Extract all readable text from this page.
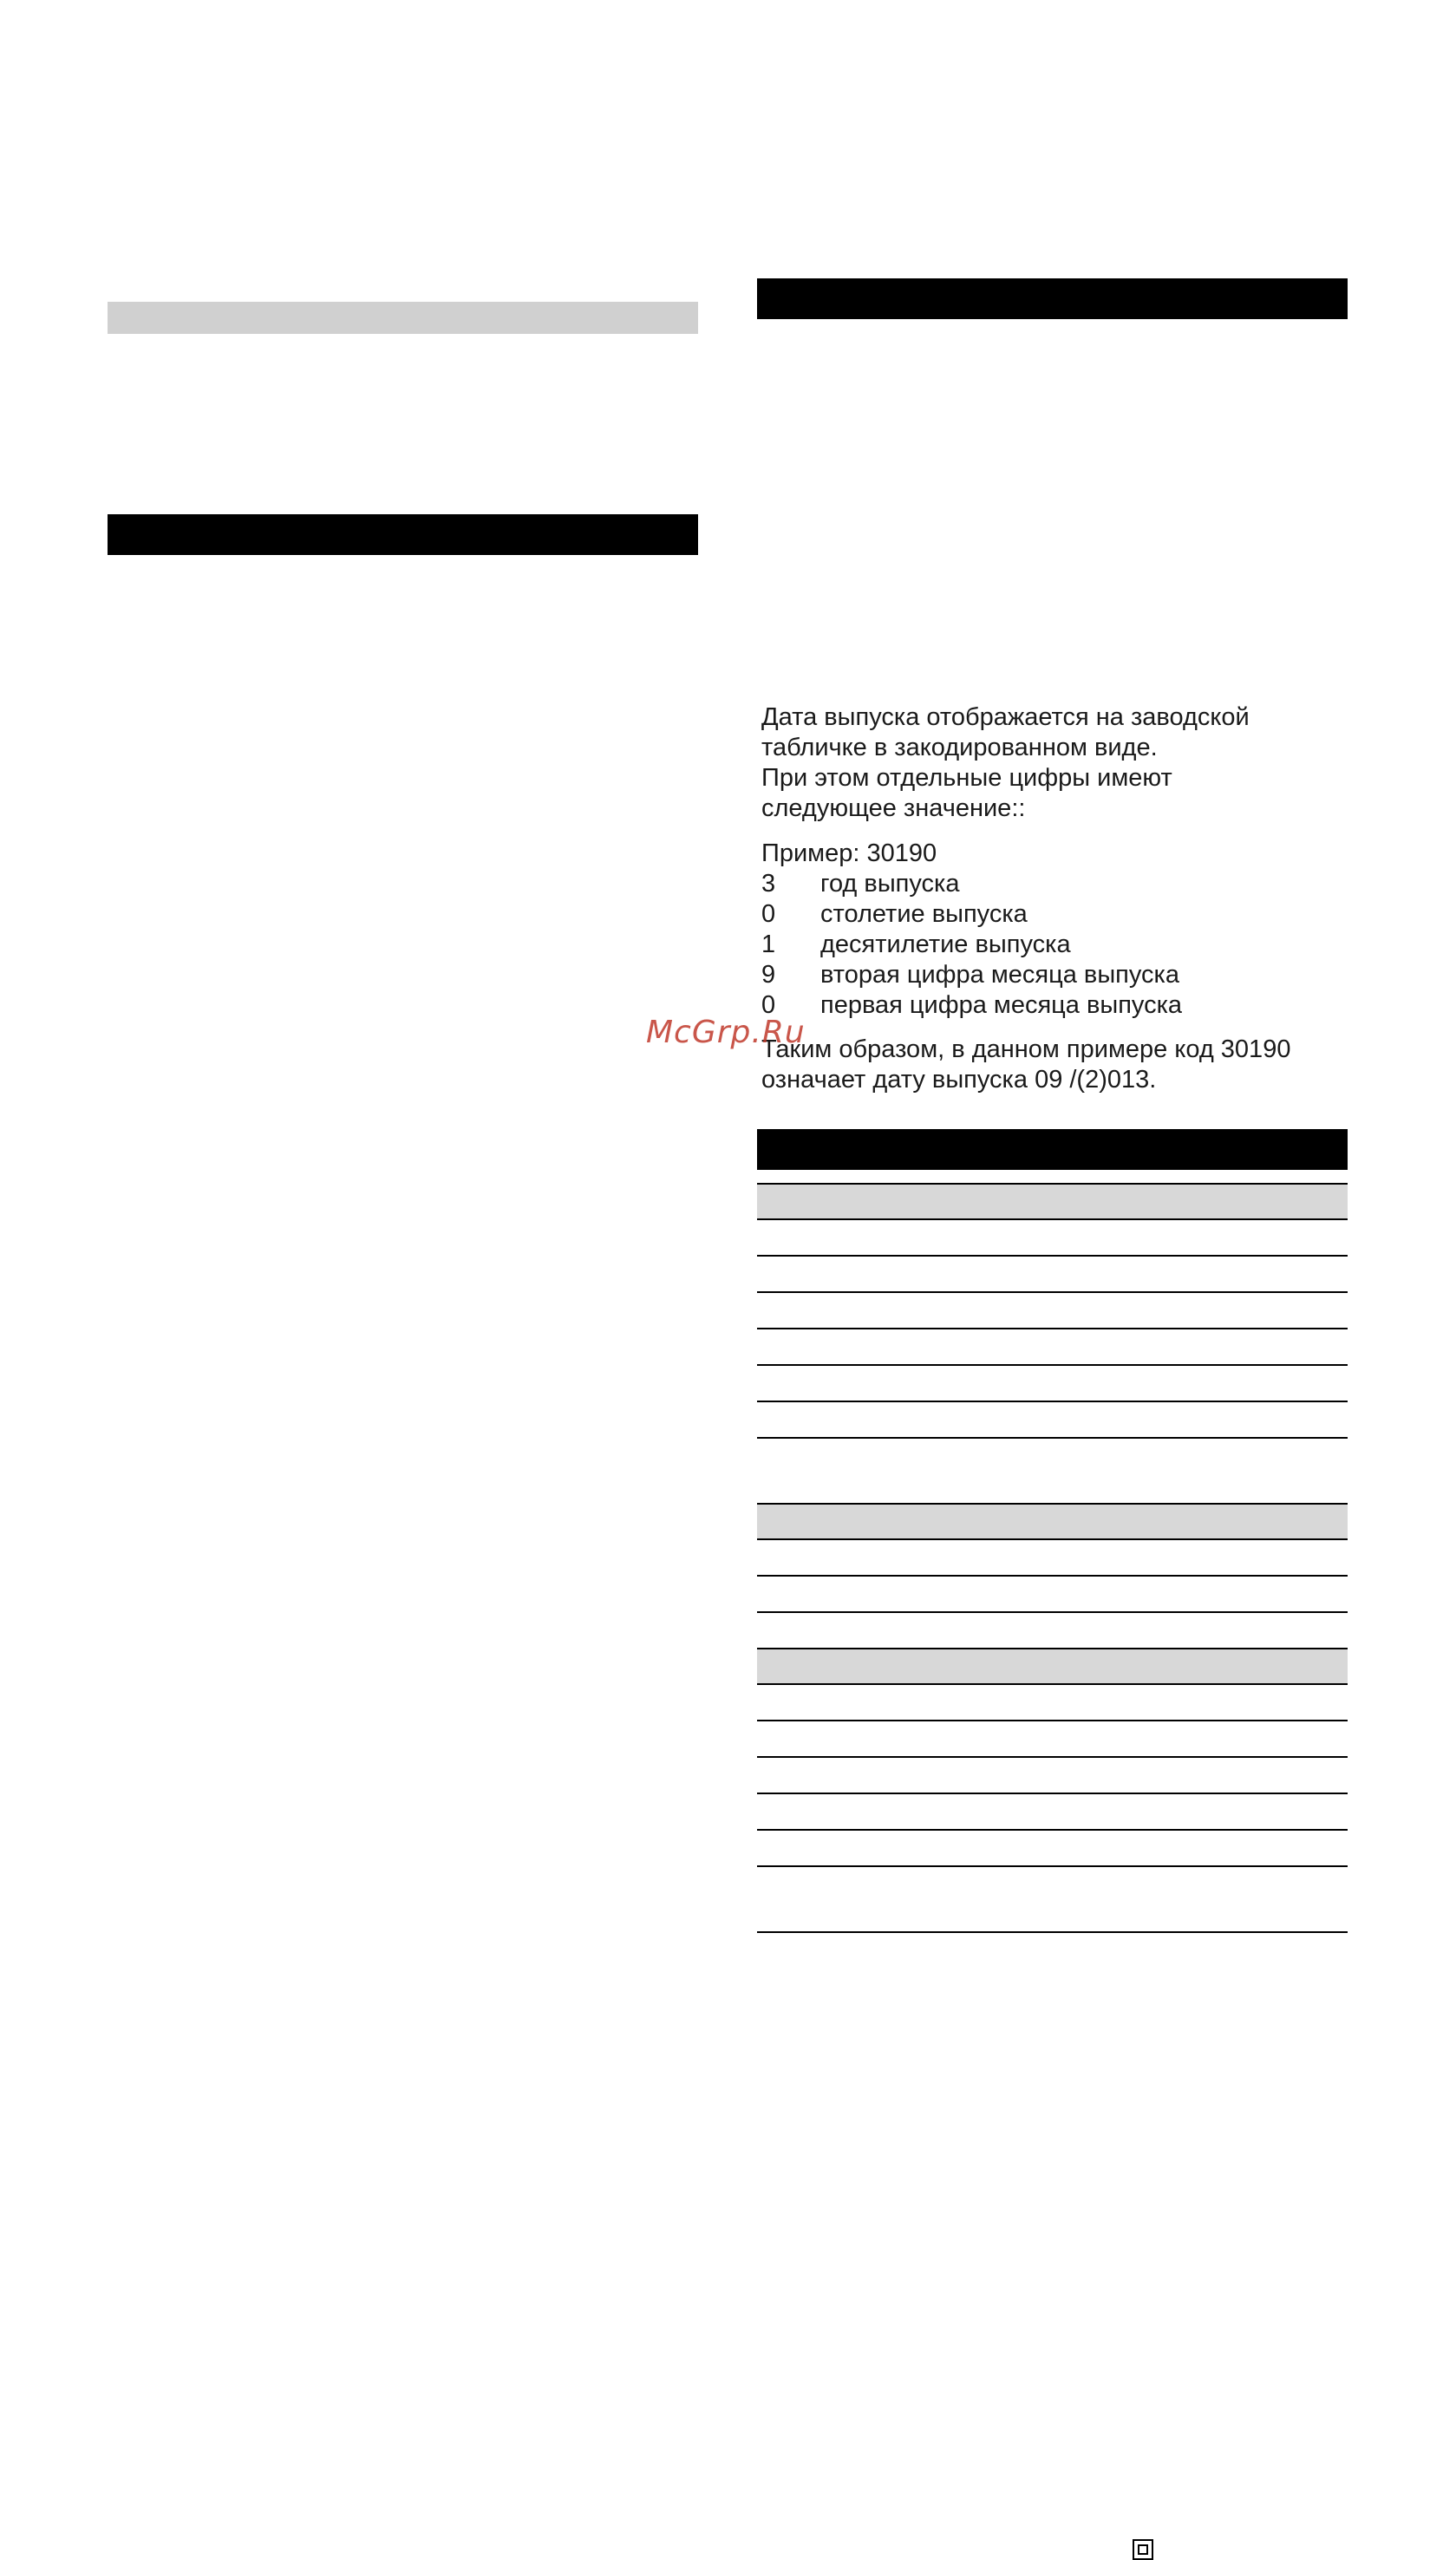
Дата выпуска отображается на заводской

табличке в закодированном виде.

При этом отдельные цифры имеют

следующее значение::

Пример: 30190

3	год выпуска
0	столетие выпуска
1	десятилетие выпуска
9	вторая цифра месяца выпуска
0	первая цифра месяца выпуска

Таким образом, в данном примере код 30190

означает дату выпуска 09 /(2)013.

McGrp.Ru
